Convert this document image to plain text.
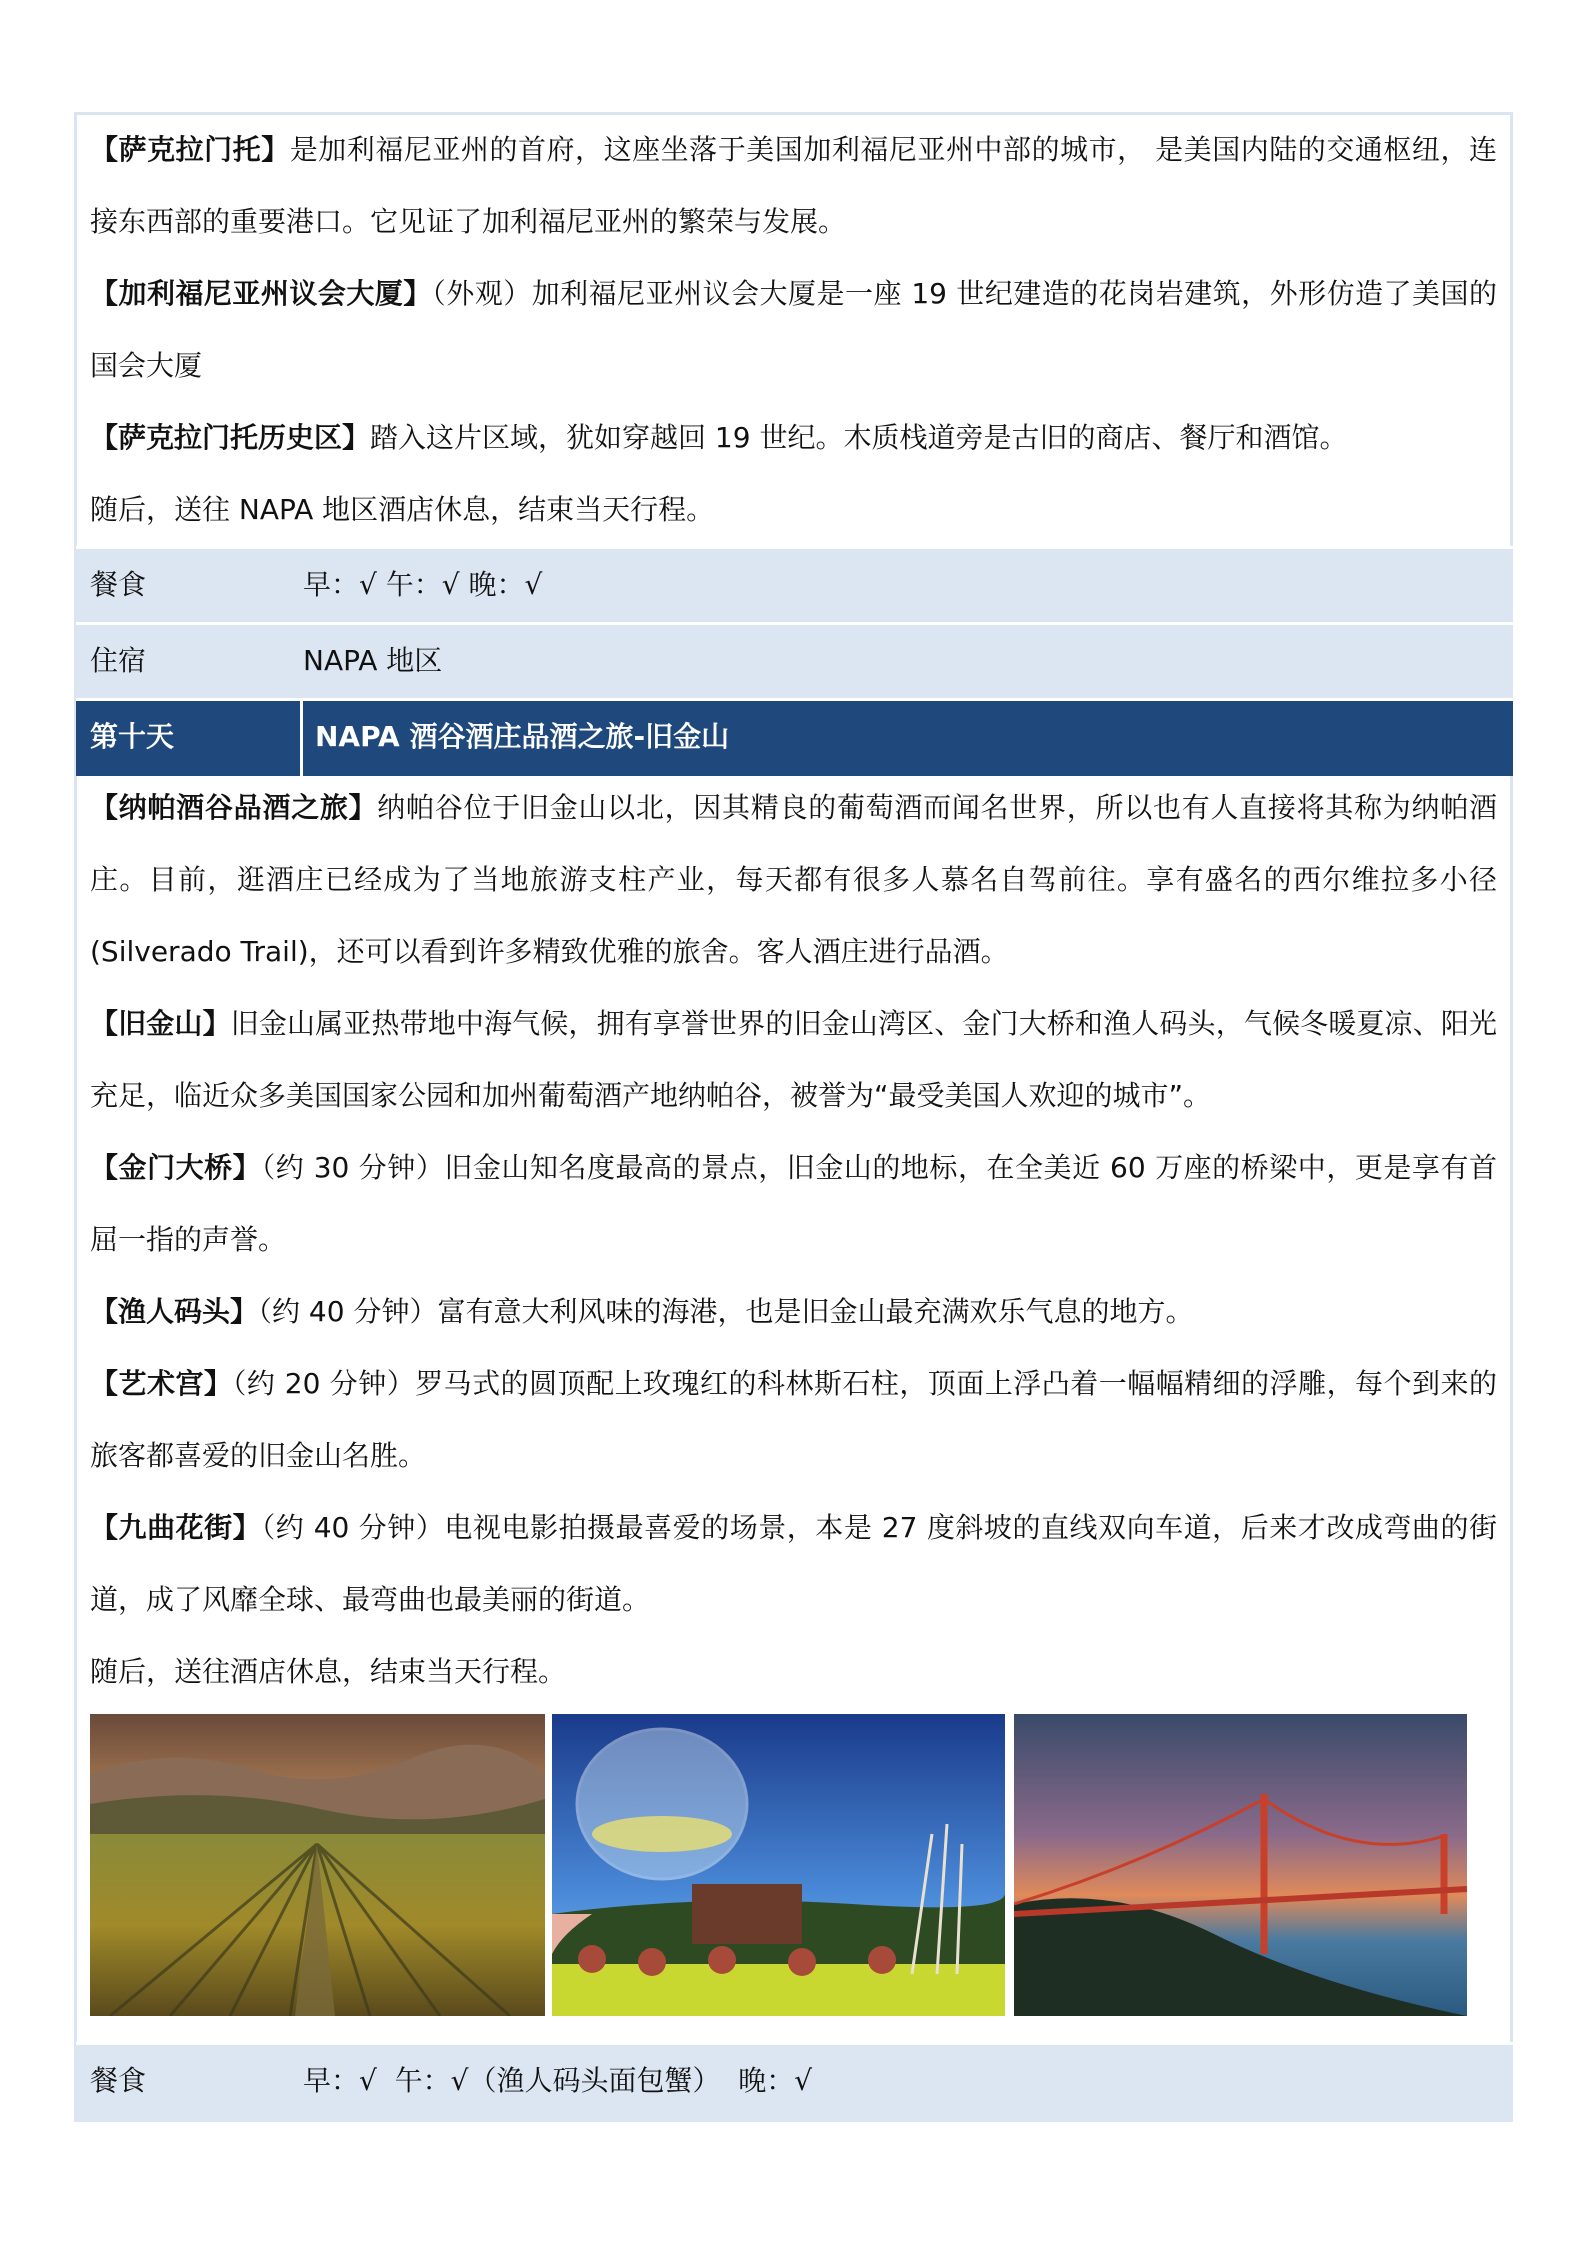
【萨克拉门托】是加利福尼亚州的首府，这座坐落于美国加利福尼亚州中部的城市， 是美国内陆的交通枢纽，连接东西部的重要港口。它见证了加利福尼亚州的繁荣与发展。

【加利福尼亚州议会大厦】（外观）加利福尼亚州议会大厦是一座 19 世纪建造的花岗岩建筑，外形仿造了美国的国会大厦

【萨克拉门托历史区】踏入这片区域，犹如穿越回 19 世纪。木质栈道旁是古旧的商店、餐厅和酒馆。

随后，送往 NAPA 地区酒店休息，结束当天行程。

餐食	早：√ 午：√ 晚：√
住宿	NAPA 地区
第十天	NAPA 酒谷酒庄品酒之旅-旧金山

【纳帕酒谷品酒之旅】纳帕谷位于旧金山以北，因其精良的葡萄酒而闻名世界，所以也有人直接将其称为纳帕酒庄。目前，逛酒庄已经成为了当地旅游支柱产业，每天都有很多人慕名自驾前往。享有盛名的西尔维拉多小径(Silverado Trail)，还可以看到许多精致优雅的旅舍。客人酒庄进行品酒。

【旧金山】旧金山属亚热带地中海气候，拥有享誉世界的旧金山湾区、金门大桥和渔人码头，气候冬暖夏凉、阳光充足，临近众多美国国家公园和加州葡萄酒产地纳帕谷，被誉为“最受美国人欢迎的城市”。

【金门大桥】（约 30 分钟）旧金山知名度最高的景点，旧金山的地标，在全美近 60 万座的桥梁中，更是享有首屈一指的声誉。

【渔人码头】（约 40 分钟）富有意大利风味的海港，也是旧金山最充满欢乐气息的地方。

【艺术宫】（约 20 分钟）罗马式的圆顶配上玫瑰红的科林斯石柱，顶面上浮凸着一幅幅精细的浮雕，每个到来的旅客都喜爱的旧金山名胜。

【九曲花街】（约 40 分钟）电视电影拍摄最喜爱的场景，本是 27 度斜坡的直线双向车道，后来才改成弯曲的街道，成了风靡全球、最弯曲也最美丽的街道。

随后，送往酒店休息，结束当天行程。

餐食	早：√  午：√（渔人码头面包蟹）  晚：√
